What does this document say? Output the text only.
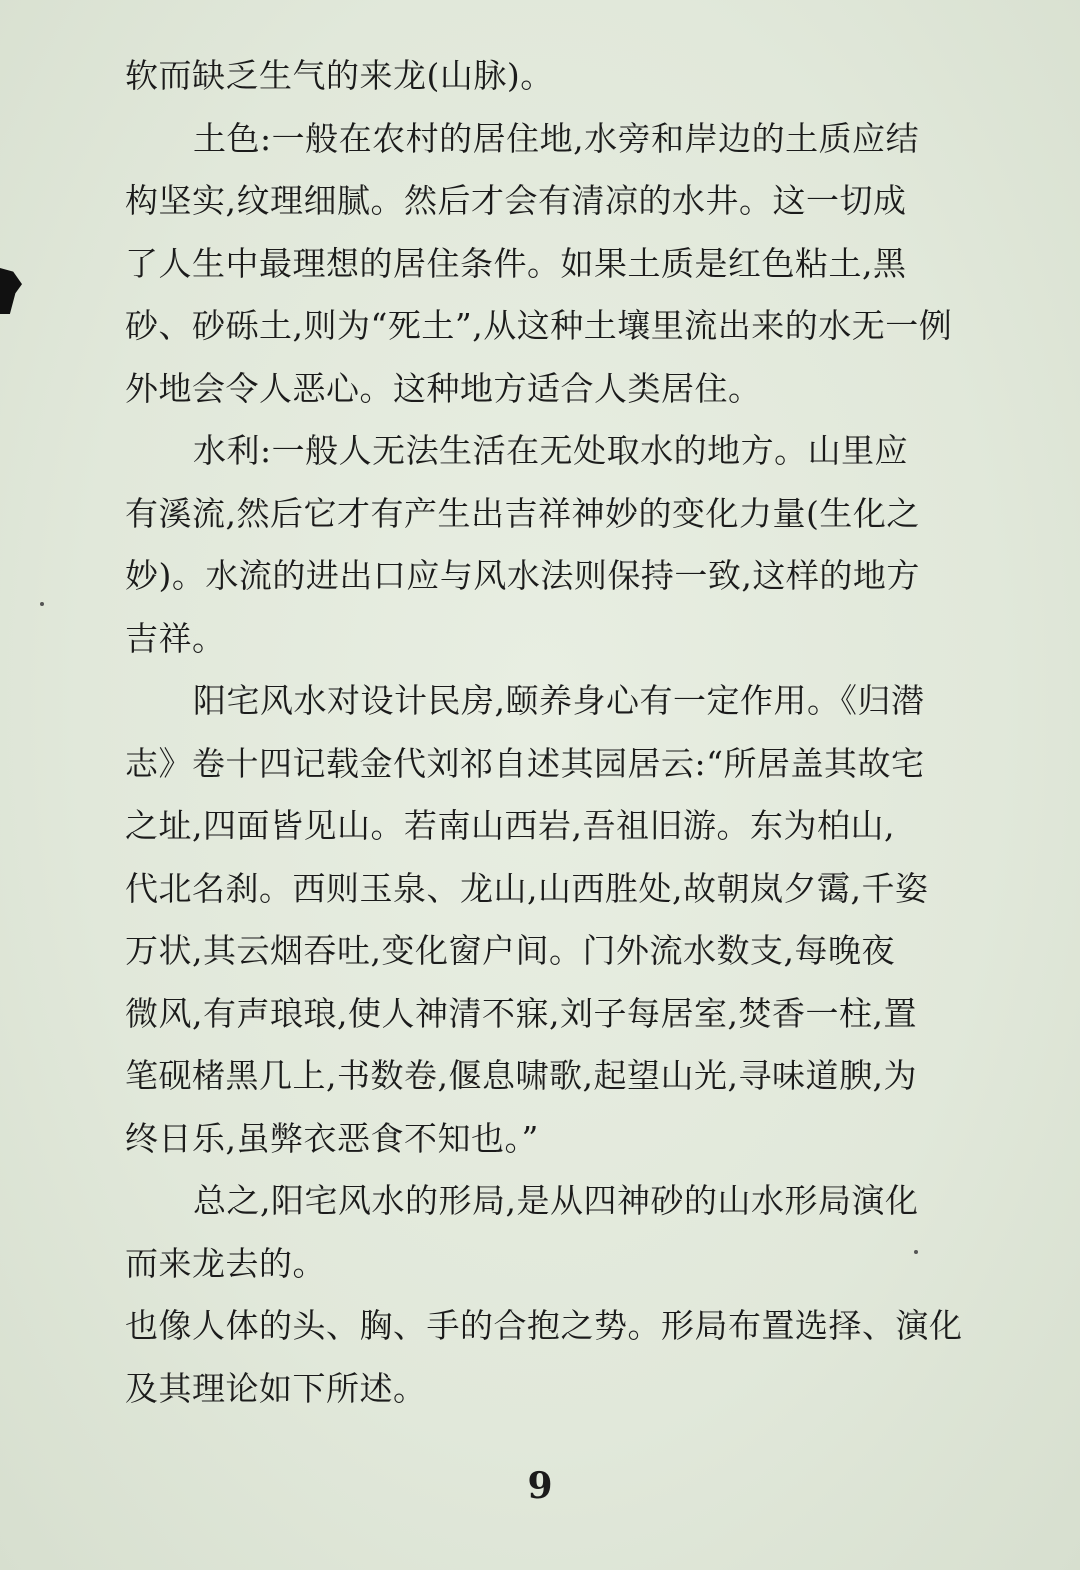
软而缺乏生气的来龙(山脉)。
土色:一般在农村的居住地,水旁和岸边的土质应结
构坚实,纹理细腻。然后才会有清凉的水井。这一切成
了人生中最理想的居住条件。如果土质是红色粘土,黑
砂、砂砾土,则为“死土”,从这种土壤里流出来的水无一例
外地会令人恶心。这种地方适合人类居住。
水利:一般人无法生活在无处取水的地方。山里应
有溪流,然后它才有产生出吉祥神妙的变化力量(生化之
妙)。水流的进出口应与风水法则保持一致,这样的地方
吉祥。
阳宅风水对设计民房,颐养身心有一定作用。《归潜
志》卷十四记载金代刘祁自述其园居云:“所居盖其故宅
之址,四面皆见山。若南山西岩,吾祖旧游。东为柏山,
代北名刹。西则玉泉、龙山,山西胜处,故朝岚夕霭,千姿
万状,其云烟吞吐,变化窗户间。门外流水数支,每晚夜
微风,有声琅琅,使人神清不寐,刘子每居室,焚香一柱,置
笔砚楮黑几上,书数卷,偃息啸歌,起望山光,寻味道腴,为
终日乐,虽弊衣恶食不知也。”
总之,阳宅风水的形局,是从四神砂的山水形局演化
而来龙去的。
也像人体的头、胸、手的合抱之势。形局布置选择、演化
及其理论如下所述。
9
